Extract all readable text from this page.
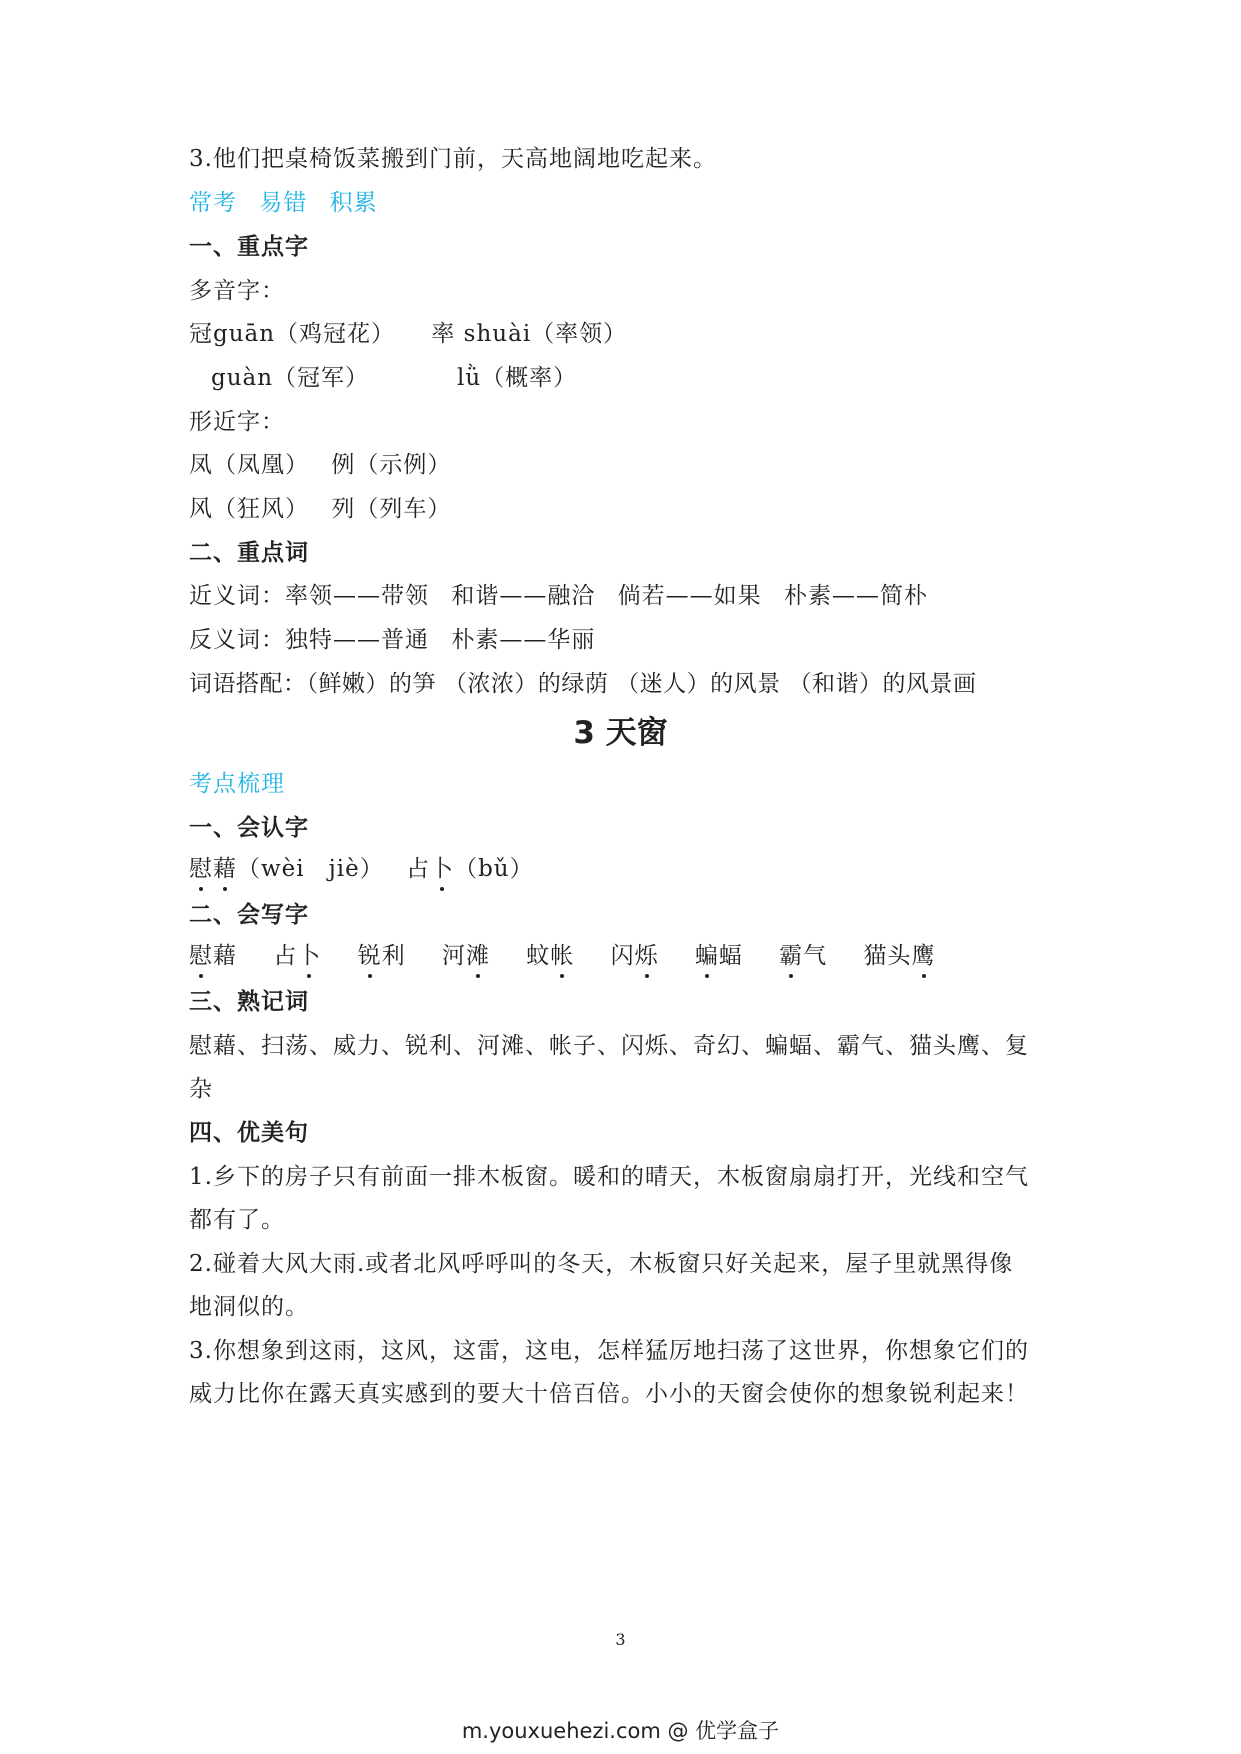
3.他们把桌椅饭菜搬到门前，天高地阔地吃起来。
常考 易错 积累
一、重点字
多音字：
冠guān（鸡冠花） 率 shuài（率领）
guàn（冠军）	lǜ（概率）
形近字：
凤（凤凰） 例（示例）
风（狂风） 列（列车）
二、重点词
近义词：率领——带领 和谐——融洽 倘若——如果 朴素——简朴
反义词：独特——普通 朴素——华丽
词语搭配：（鲜嫩）的笋 （浓浓）的绿荫 （迷人）的风景 （和谐）的风景画
3 天窗
考点梳理
一、会认字
慰藉（wèi　jiè） 占卜（bǔ）
二、会写字
慰藉 占卜 锐利 河滩 蚊帐 闪烁 蝙蝠 霸气 猫头鹰
三、熟记词
慰藉、扫荡、威力、锐利、河滩、帐子、闪烁、奇幻、蝙蝠、霸气、猫头鹰、复
杂
四、优美句
1.乡下的房子只有前面一排木板窗。暖和的晴天，木板窗扇扇打开，光线和空气
都有了。
2.碰着大风大雨.或者北风呼呼叫的冬天，木板窗只好关起来，屋子里就黑得像
地洞似的。
3.你想象到这雨，这风，这雷，这电，怎样猛厉地扫荡了这世界，你想象它们的
威力比你在露天真实感到的要大十倍百倍。小小的天窗会使你的想象锐利起来！
3
m.youxuehezi.com @ 优学盒子
